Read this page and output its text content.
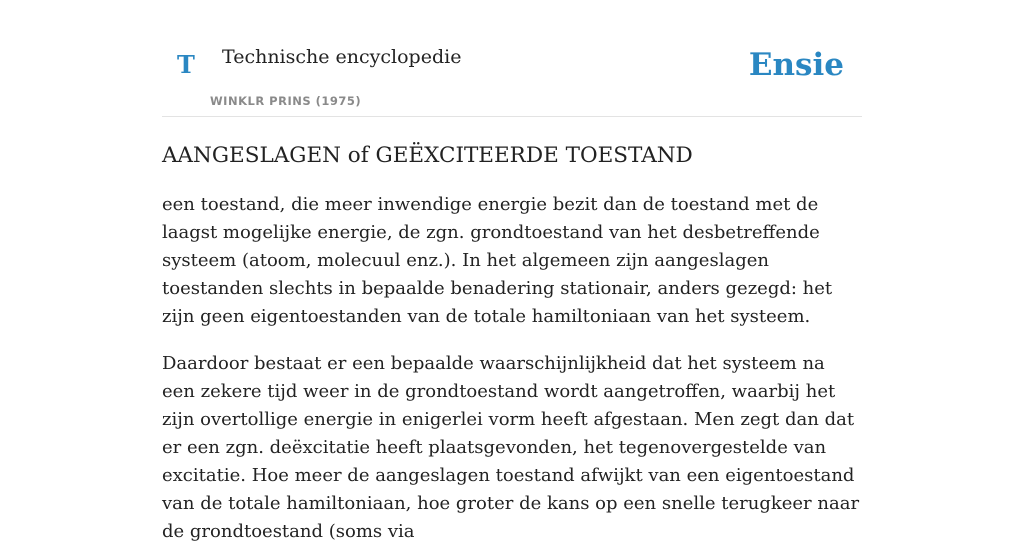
T Technische encyclopedie
WINKLR PRINS (1975)
Ensie
AANGESLAGEN of GEËXCITEERDE TOESTAND

een toestand, die meer inwendige energie bezit dan de toestand met de laagst mogelijke energie, de zgn. grondtoestand van het desbetreffende systeem (atoom, molecuul enz.). In het algemeen zijn aangeslagen toestanden slechts in bepaalde benadering stationair, anders gezegd: het zijn geen eigentoestanden van de totale hamiltoniaan van het systeem.

Daardoor bestaat er een bepaalde waarschijnlijkheid dat het systeem na een zekere tijd weer in de grondtoestand wordt aangetroffen, waarbij het zijn overtollige energie in enigerlei vorm heeft afgestaan. Men zegt dan dat er een zgn. deëxcitatie heeft plaatsgevonden, het tegenovergestelde van excitatie. Hoe meer de aangeslagen toestand afwijkt van een eigentoestand van de totale hamiltoniaan, hoe groter de kans op een snelle terugkeer naar de grondtoestand (soms via
